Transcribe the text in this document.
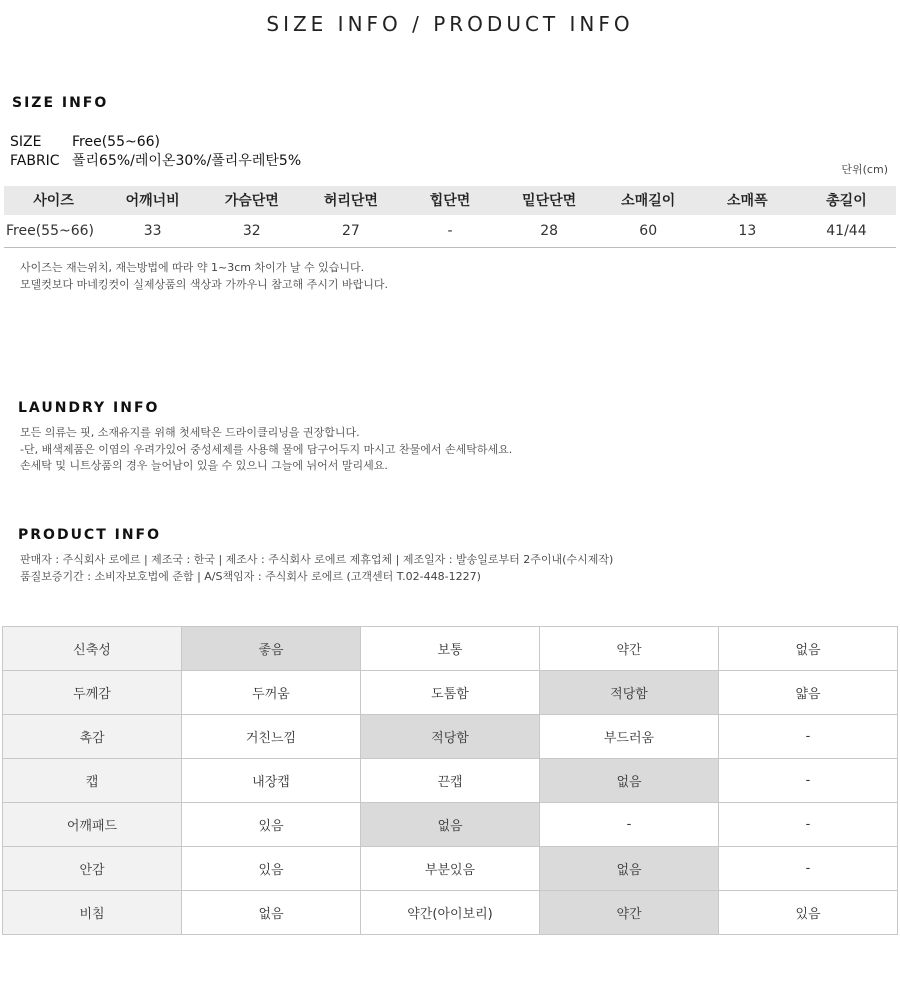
SIZE INFO / PRODUCT INFO
SIZE INFO
SIZE Free(55~66)
FABRIC 폴리65%/레이온30%/폴리우레탄5%
단위(cm)
사이즈	어깨너비	가슴단면	허리단면	힙단면	밑단단면	소매길이	소매폭	총길이
Free(55~66)	33	32	27	-	28	60	13	41/44
사이즈는 재는위치, 재는방법에 따라 약 1~3cm 차이가 날 수 있습니다.
모델컷보다 마네킹컷이 실제상품의 색상과 가까우니 참고해 주시기 바랍니다.
LAUNDRY INFO
모든 의류는 핏, 소재유지를 위해 첫세탁은 드라이클리닝을 권장합니다.
-단, 배색제품은 이염의 우려가있어 중성세제를 사용해 물에 담구어두지 마시고 찬물에서 손세탁하세요.
손세탁 및 니트상품의 경우 늘어남이 있을 수 있으니 그늘에 뉘어서 말리세요.
PRODUCT INFO
판매자 : 주식회사 로에르 | 제조국 : 한국 | 제조사 : 주식회사 로에르 제휴업체 | 제조일자 : 발송일로부터 2주이내(수시제작)
품질보증기간 : 소비자보호법에 준함 | A/S책임자 : 주식회사 로에르 (고객센터 T.02-448-1227)
신축성	좋음	보통	약간	없음
두께감	두꺼움	도톰함	적당함	얇음
촉감	거친느낌	적당함	부드러움	-
캡	내장캡	끈캡	없음	-
어깨패드	있음	없음	-	-
안감	있음	부분있음	없음	-
비침	없음	약간(아이보리)	약간	있음
